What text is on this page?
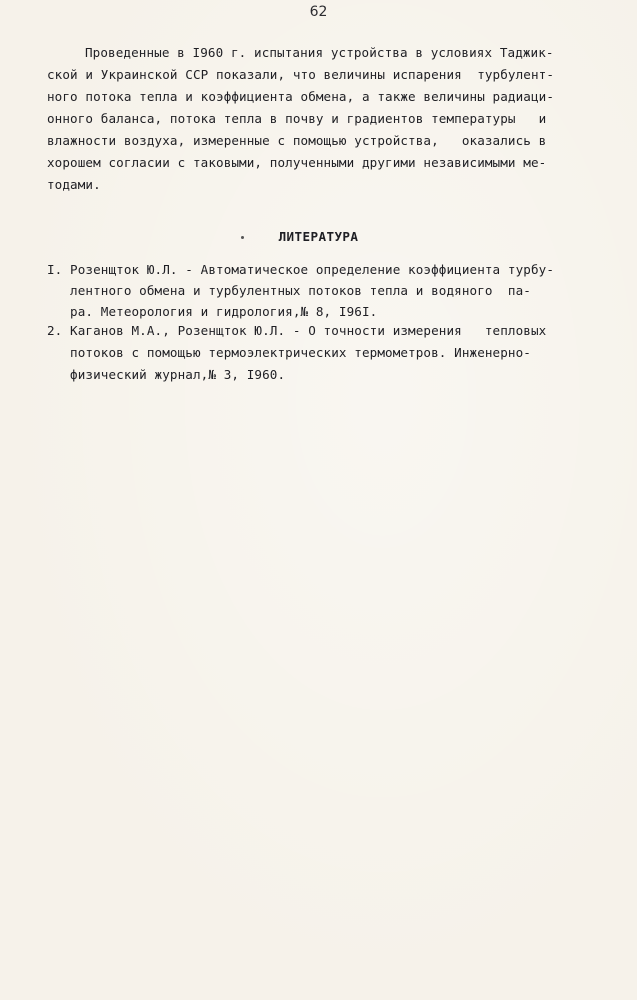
62
Проведенные в I960 г. испытания устройства в условиях Таджик-
ской и Украинской ССР показали, что величины испарения  турбулент-
ного потока тепла и коэффициента обмена, а также величины радиаци-
онного баланса, потока тепла в почву и градиентов температуры   и
влажности воздуха, измеренные с помощью устройства,   оказались в
хорошем согласии с таковыми, полученными другими независимыми ме-
тодами.
ЛИТЕРАТУРА
I. Розенщток Ю.Л. - Автоматическое определение коэффициента турбу-
лентного обмена и турбулентных потоков тепла и водяного  па-
ра. Метеорология и гидрология,№ 8, I96I.
2. Каганов М.А., Розенщток Ю.Л. - О точности измерения   тепловых
потоков с помощью термоэлектрических термометров. Инженерно-
физический журнал,№ 3, I960.
